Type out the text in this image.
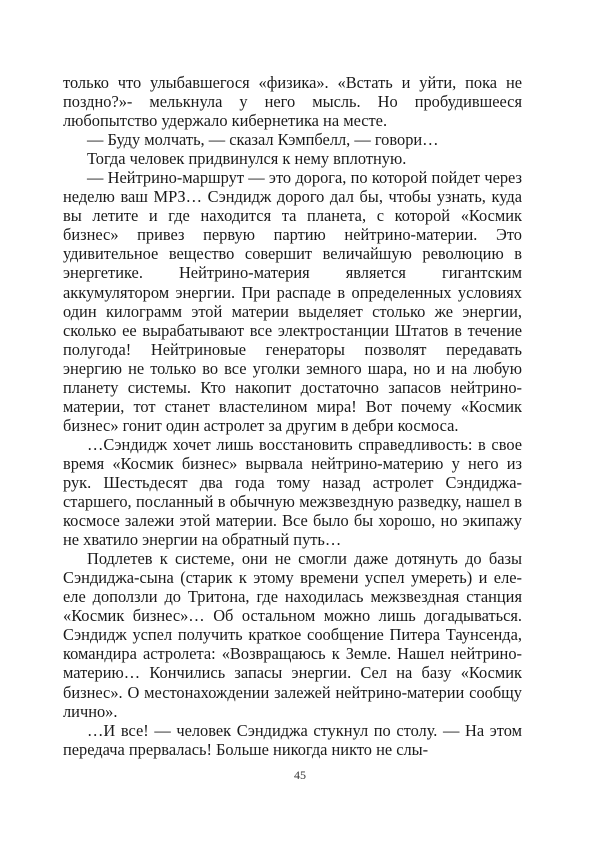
только что улыбавшегося «физика». «Встать и уйти, пока не поздно?»- мелькнула у него мысль. Но пробудившееся любопытство удержало кибернетика на месте.

— Буду молчать, — сказал Кэмпбелл, — говори…

Тогда человек придвинулся к нему вплотную.

— Нейтрино-маршрут — это дорога, по которой пойдет через неделю ваш МРЗ… Сэндидж дорого дал бы, чтобы узнать, куда вы летите и где находится та планета, с которой «Космик бизнес» привез первую партию нейтрино-материи. Это удивительное вещество совершит величайшую революцию в энергетике. Нейтрино-материя является гигантским аккумулятором энергии. При распаде в определенных условиях один килограмм этой материи выделяет столько же энергии, сколько ее вырабатывают все электростанции Штатов в течение полугода! Нейтриновые генераторы позволят передавать энергию не только во все уголки земного шара, но и на любую планету системы. Кто накопит достаточно запасов нейтрино-материи, тот станет властелином мира! Вот почему «Космик бизнес» гонит один астролет за другим в дебри космоса.

…Сэндидж хочет лишь восстановить справедливость: в свое время «Космик бизнес» вырвала нейтрино-материю у него из рук. Шестьдесят два года тому назад астролет Сэндиджа-старшего, посланный в обычную межзвездную разведку, нашел в космосе залежи этой материи. Все было бы хорошо, но экипажу не хватило энергии на обратный путь…

Подлетев к системе, они не смогли даже дотянуть до базы Сэндиджа-сына (старик к этому времени успел умереть) и еле-еле доползли до Тритона, где находилась межзвездная станция «Космик бизнес»… Об остальном можно лишь догадываться. Сэндидж успел получить краткое сообщение Питера Таунсенда, командира астролета: «Возвращаюсь к Земле. Нашел нейтрино-материю… Кончились запасы энергии. Сел на базу «Космик бизнес». О местонахождении залежей нейтрино-материи сообщу лично».

…И все! — человек Сэндиджа стукнул по столу. — На этом передача прервалась! Больше никогда никто не слы-

45
